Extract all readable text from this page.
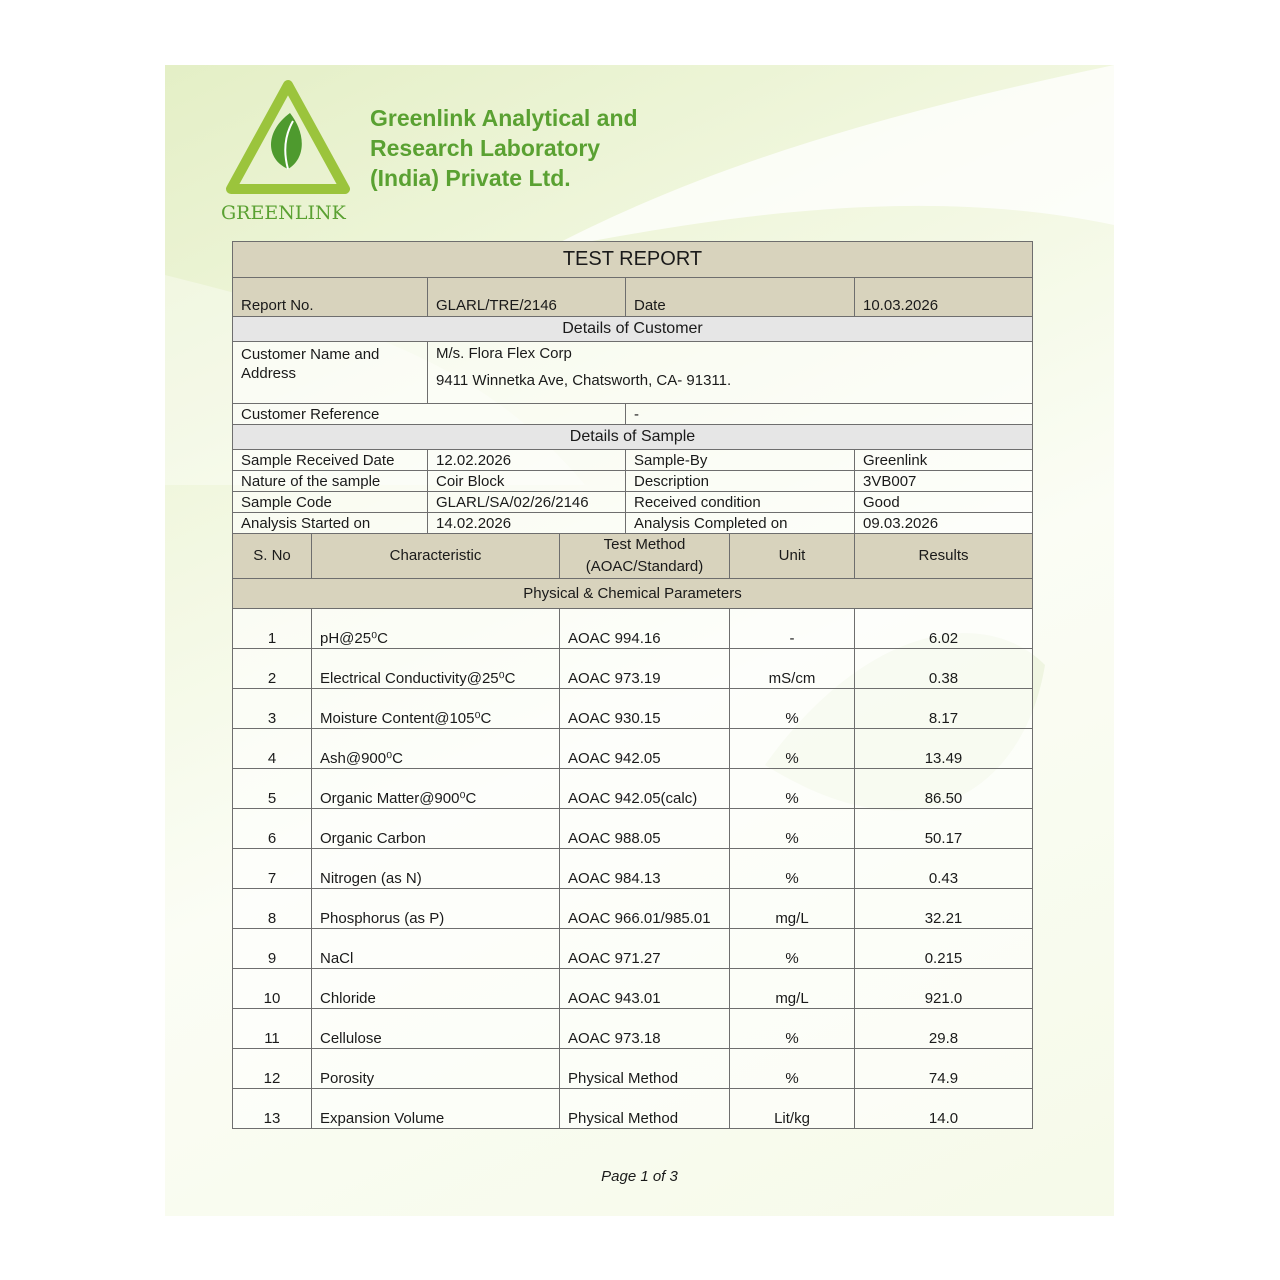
GREENLINK
Greenlink Analytical and
Research Laboratory
(India) Private Ltd.
TEST REPORT						
Report No.		GLARL/TRE/2146		Date		10.03.2026
Details of Customer						
Customer Name and Address		M/s. Flora Flex Corp
9411 Winnetka Ave, Chatsworth, CA- 91311.				

Customer Reference				-		
Details of Sample						
Sample Received Date		12.02.2026		Sample-By		Greenlink
Nature of the sample		Coir Block		Description		3VB007
Sample Code		GLARL/SA/02/26/2146		Received condition		Good
Analysis Started on		14.02.2026		Analysis Completed on		09.03.2026
S. No	Characteristic		Test Method
(AOAC/Standard)		Unit	Results
Physical & Chemical Parameters						
1	pH@25⁰C		AOAC 994.16		-	6.02
2	Electrical Conductivity@25⁰C		AOAC 973.19		mS/cm	0.38
3	Moisture Content@105⁰C		AOAC 930.15		%	8.17
4	Ash@900⁰C		AOAC 942.05		%	13.49
5	Organic Matter@900⁰C		AOAC 942.05(calc)		%	86.50
6	Organic Carbon		AOAC 988.05		%	50.17
7	Nitrogen (as N)		AOAC 984.13		%	0.43
8	Phosphorus (as P)		AOAC 966.01/985.01		mg/L	32.21
9	NaCl		AOAC 971.27		%	0.215
10	Chloride		AOAC 943.01		mg/L	921.0
11	Cellulose		AOAC 973.18		%	29.8
12	Porosity		Physical Method		%	74.9
13	Expansion Volume		Physical Method		Lit/kg	14.0
Page 1 of 3
